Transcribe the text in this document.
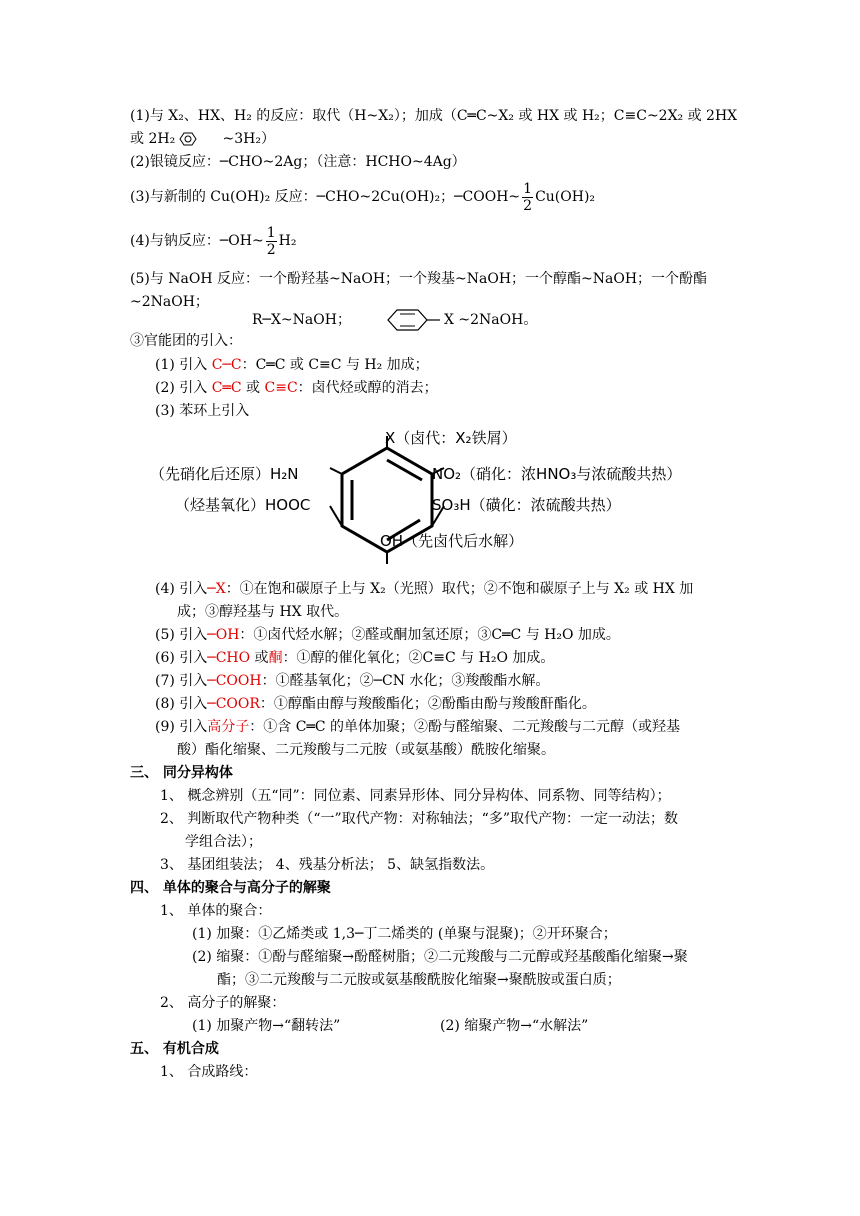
(1)与 X₂、HX、H₂ 的反应：取代（H~X₂）；加成（C═C~X₂ 或 HX 或 H₂；C≡C~2X₂ 或 2HX
或 2H₂	~3H₂）
(2)银镜反应：─CHO~2Ag；（注意：HCHO~4Ag）
(3)与新制的 Cu(OH)₂ 反应：─CHO~2Cu(OH)₂；─COOH~ $\frac{1}{2} Cu(OH)_2$
(4)与钠反应：─OH~ $\frac{1}{2} H_2$
(5)与 NaOH 反应：一个酚羟基~NaOH；一个羧基~NaOH；一个醇酯~NaOH；一个酚酯
~2NaOH；
R─X~NaOH；	X ~2NaOH。
③官能团的引入：
(1) 引入 C─C：C═C 或 C≡C 与 H₂ 加成；
(2) 引入 C═C 或 C≡C：卤代烃或醇的消去；
(3) 苯环上引入
X（卤代：X₂铁屑）
（先硝化后还原）H₂N	NO₂（硝化：浓HNO₃与浓硫酸共热）
（烃基氧化）HOOC	SO₃H（磺化：浓硫酸共热）
OH（先卤代后水解）
(4) 引入─X：①在饱和碳原子上与 X₂（光照）取代；②不饱和碳原子上与 X₂ 或 HX 加
成；③醇羟基与 HX 取代。
(5) 引入─OH：①卤代烃水解；②醛或酮加氢还原；③C═C 与 H₂O 加成。
(6) 引入─CHO 或酮：①醇的催化氧化；②C≡C 与 H₂O 加成。
(7) 引入─COOH：①醛基氧化；②─CN 水化；③羧酸酯水解。
(8) 引入─COOR：①醇酯由醇与羧酸酯化；②酚酯由酚与羧酸酐酯化。
(9) 引入高分子：①含 C═C 的单体加聚；②酚与醛缩聚、二元羧酸与二元醇（或羟基
酸）酯化缩聚、二元羧酸与二元胺（或氨基酸）酰胺化缩聚。
三、 同分异构体
1、 概念辨别（五“同”：同位素、同素异形体、同分异构体、同系物、同等结构）；
2、 判断取代产物种类（“一”取代产物：对称轴法；“多”取代产物：一定一动法；数
学组合法）；
3、 基团组装法； 4、残基分析法； 5、缺氢指数法。
四、 单体的聚合与高分子的解聚
1、 单体的聚合：
(1) 加聚：①乙烯类或 1,3─丁二烯类的 (单聚与混聚)；②开环聚合；
(2) 缩聚：①酚与醛缩聚→酚醛树脂；②二元羧酸与二元醇或羟基酸酯化缩聚→聚
酯；③二元羧酸与二元胺或氨基酸酰胺化缩聚→聚酰胺或蛋白质；
2、 高分子的解聚：
(1) 加聚产物→“翻转法”	(2) 缩聚产物→“水解法”
五、 有机合成
1、 合成路线：
